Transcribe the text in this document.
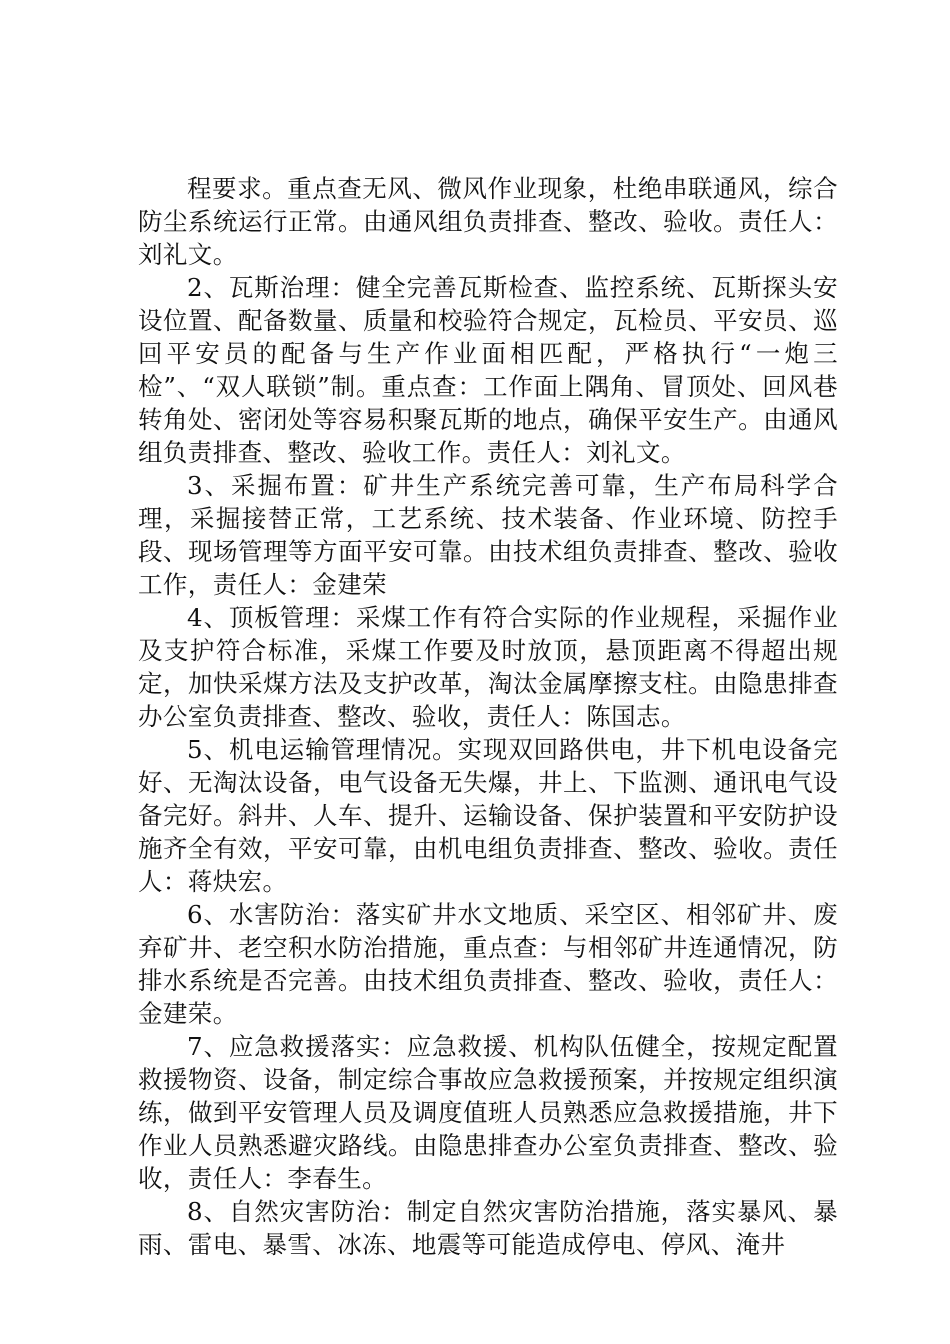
程要求。重点查无风、微风作业现象，杜绝串联通风，综合防尘系统运行正常。由通风组负责排查、整改、验收。责任人：刘礼文。

2、瓦斯治理：健全完善瓦斯检查、监控系统、瓦斯探头安设位置、配备数量、质量和校验符合规定，瓦检员、平安员、巡回平安员的配备与生产作业面相匹配，严格执行“一炮三检”、“双人联锁”制。重点查：工作面上隅角、冒顶处、回风巷转角处、密闭处等容易积聚瓦斯的地点，确保平安生产。由通风组负责排查、整改、验收工作。责任人：刘礼文。

3、采掘布置：矿井生产系统完善可靠，生产布局科学合理，采掘接替正常，工艺系统、技术装备、作业环境、防控手段、现场管理等方面平安可靠。由技术组负责排查、整改、验收工作，责任人：金建荣

4、顶板管理：采煤工作有符合实际的作业规程，采掘作业及支护符合标准，采煤工作要及时放顶，悬顶距离不得超出规定，加快采煤方法及支护改革，淘汰金属摩擦支柱。由隐患排查办公室负责排查、整改、验收，责任人：陈国志。

5、机电运输管理情况。实现双回路供电，井下机电设备完好、无淘汰设备，电气设备无失爆，井上、下监测、通讯电气设备完好。斜井、人车、提升、运输设备、保护装置和平安防护设施齐全有效，平安可靠，由机电组负责排查、整改、验收。责任人：蒋炔宏。

6、水害防治：落实矿井水文地质、采空区、相邻矿井、废弃矿井、老空积水防治措施，重点查：与相邻矿井连通情况，防排水系统是否完善。由技术组负责排查、整改、验收，责任人：金建荣。

7、应急救援落实：应急救援、机构队伍健全，按规定配置救援物资、设备，制定综合事故应急救援预案，并按规定组织演练，做到平安管理人员及调度值班人员熟悉应急救援措施，井下作业人员熟悉避灾路线。由隐患排查办公室负责排查、整改、验收，责任人：李春生。

8、自然灾害防治：制定自然灾害防治措施，落实暴风、暴雨、雷电、暴雪、冰冻、地震等可能造成停电、停风、淹井
